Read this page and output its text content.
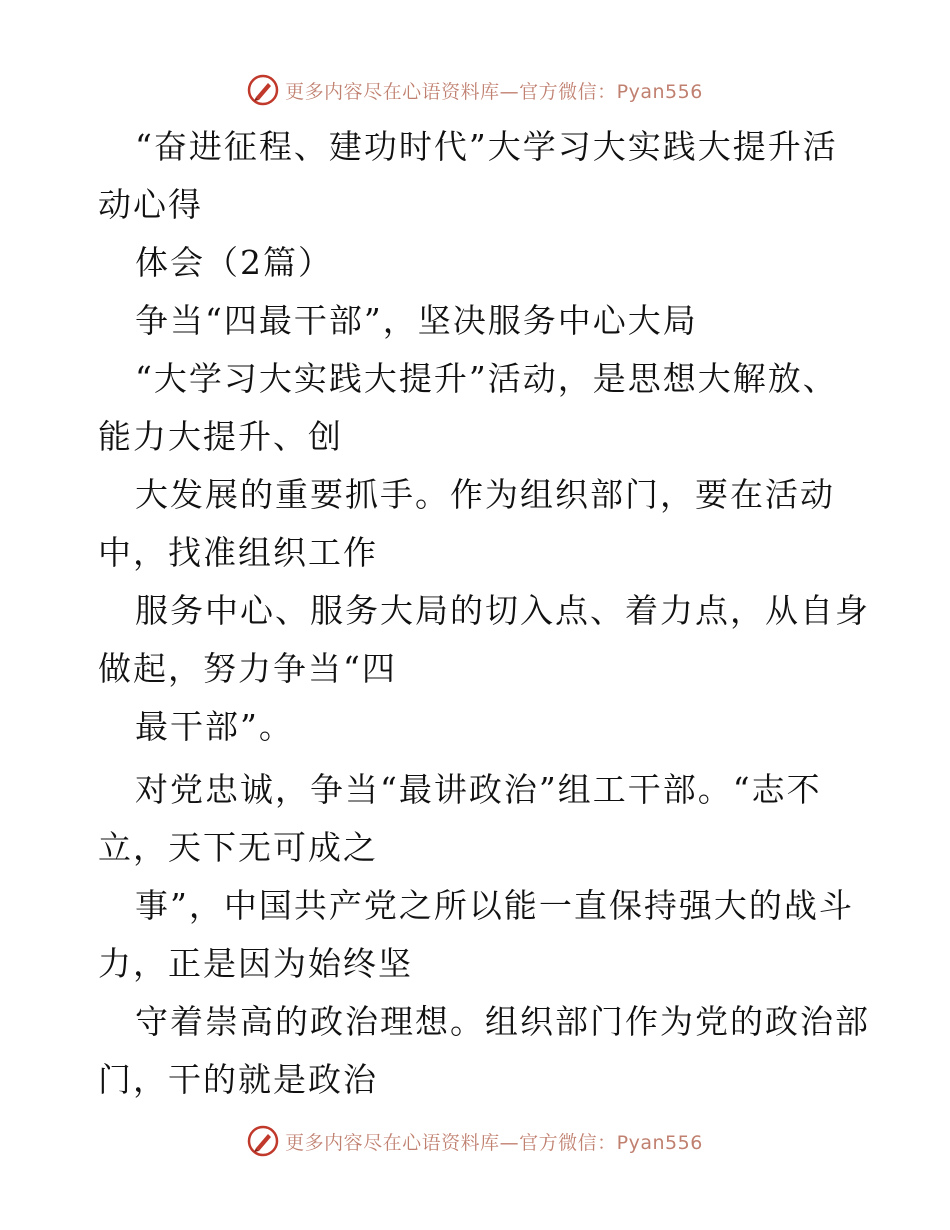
更多内容尽在心语资料库—官方微信：Pyan556
“奋进征程、建功时代”大学习大实践大提升活
动心得
体会（2篇）
争当“四最干部”，坚决服务中心大局
“大学习大实践大提升”活动，是思想大解放、
能力大提升、创
大发展的重要抓手。作为组织部门，要在活动
中，找准组织工作
服务中心、服务大局的切入点、着力点，从自身
做起，努力争当“四
最干部”。
对党忠诚，争当“最讲政治”组工干部。“志不
立，天下无可成之
事”，中国共产党之所以能一直保持强大的战斗
力，正是因为始终坚
守着崇高的政治理想。组织部门作为党的政治部
门，干的就是政治
更多内容尽在心语资料库—官方微信：Pyan556
